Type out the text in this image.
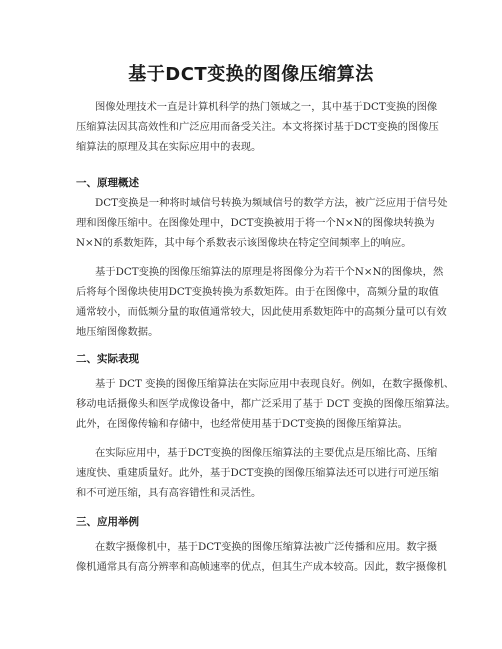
基于DCT变换的图像压缩算法
图像处理技术一直是计算机科学的热门领域之一，其中基于DCT变换的图像
压缩算法因其高效性和广泛应用而备受关注。本文将探讨基于DCT变换的图像压
缩算法的原理及其在实际应用中的表现。
一、原理概述
DCT变换是一种将时域信号转换为频域信号的数学方法，被广泛应用于信号处
理和图像压缩中。在图像处理中，DCT变换被用于将一个N×N的图像块转换为
N×N的系数矩阵，其中每个系数表示该图像块在特定空间频率上的响应。
基于DCT变换的图像压缩算法的原理是将图像分为若干个N×N的图像块，然
后将每个图像块使用DCT变换转换为系数矩阵。由于在图像中，高频分量的取值
通常较小，而低频分量的取值通常较大，因此使用系数矩阵中的高频分量可以有效
地压缩图像数据。
二、实际表现
基于 DCT 变换的图像压缩算法在实际应用中表现良好。例如，在数字摄像机、
移动电话摄像头和医学成像设备中，都广泛采用了基于 DCT 变换的图像压缩算法。
此外，在图像传输和存储中，也经常使用基于DCT变换的图像压缩算法。
在实际应用中，基于DCT变换的图像压缩算法的主要优点是压缩比高、压缩
速度快、重建质量好。此外，基于DCT变换的图像压缩算法还可以进行可逆压缩
和不可逆压缩，具有高容错性和灵活性。
三、应用举例
在数字摄像机中，基于DCT变换的图像压缩算法被广泛传播和应用。数字摄
像机通常具有高分辨率和高帧速率的优点，但其生产成本较高。因此，数字摄像机
